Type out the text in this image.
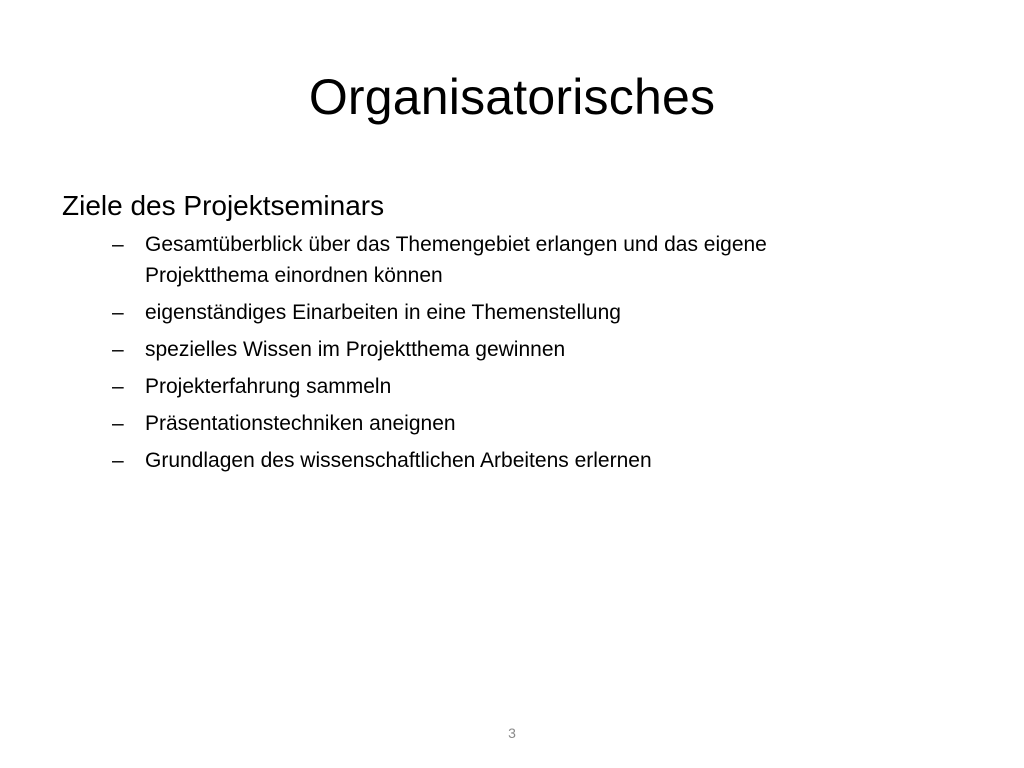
Organisatorisches

Ziele des Projektseminars

–	Gesamtüberblick über das Themengebiet erlangen und das eigene Projektthema einordnen können
–	eigenständiges Einarbeiten in eine Themenstellung
–	spezielles Wissen im Projektthema gewinnen
–	Projekterfahrung sammeln
–	Präsentationstechniken aneignen
–	Grundlagen des wissenschaftlichen Arbeitens erlernen
3
